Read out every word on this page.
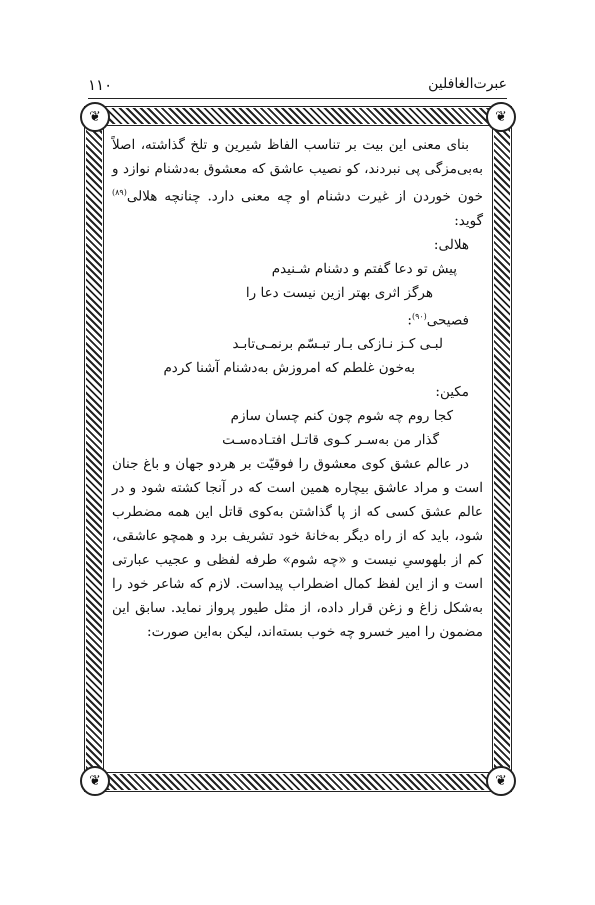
عبرت‌الغافلین
۱۱۰
❦	❦
❦	❦

بنای معنی این بیت بر تناسب الفاظ شیرین و تلخ گذاشته، اصلاً به‌بی‌مزگی پی نبردند، کو نصیب عاشق که معشوق به‌دشنام نوازد و خون خوردن از غیرت دشنام او چه معنی دارد. چنانچه هلالی$^{(۸۹)}$ گوید:

هلالی:

پیش تو دعا گفتم و دشنام شـنیدم

هرگز اثری بهتر ازین نیست دعا را

فصیحی$^{(۹۰)}$:

لبـی کـز نـازکی بـار تبـسّم برنمـی‌تابـد

به‌خون غلطم که امروزش به‌دشنام آشنا کردم

مکین:

کجا روم چه شوم چون کنم چسان سازم

گذار من به‌سـر کـوی قاتـل افتـاده‌سـت

در عالم عشق کوی معشوق را فوقیّت بر هردو جهان و باغ جنان است و مراد عاشق بیچاره همین است که در آنجا کشته شود و در عالم عشق کسی که از پا گذاشتن به‌کوی قاتل این همه مضطرب شود، باید که از راه دیگر به‌خانهٔ خود تشریف برد و همچو عاشقی، کم از بلهوسیِ نیست و «چه شوم» طرفه لفظی و عجیب عبارتی است و از این لفظ کمال اضطراب پیداست. لازم که شاعر خود را به‌شکل زاغ و زغن قرار داده، از مثل طیور پرواز نماید. سابق این مضمون را امیر خسرو چه خوب بسته‌اند، لیکن به‌این صورت:
